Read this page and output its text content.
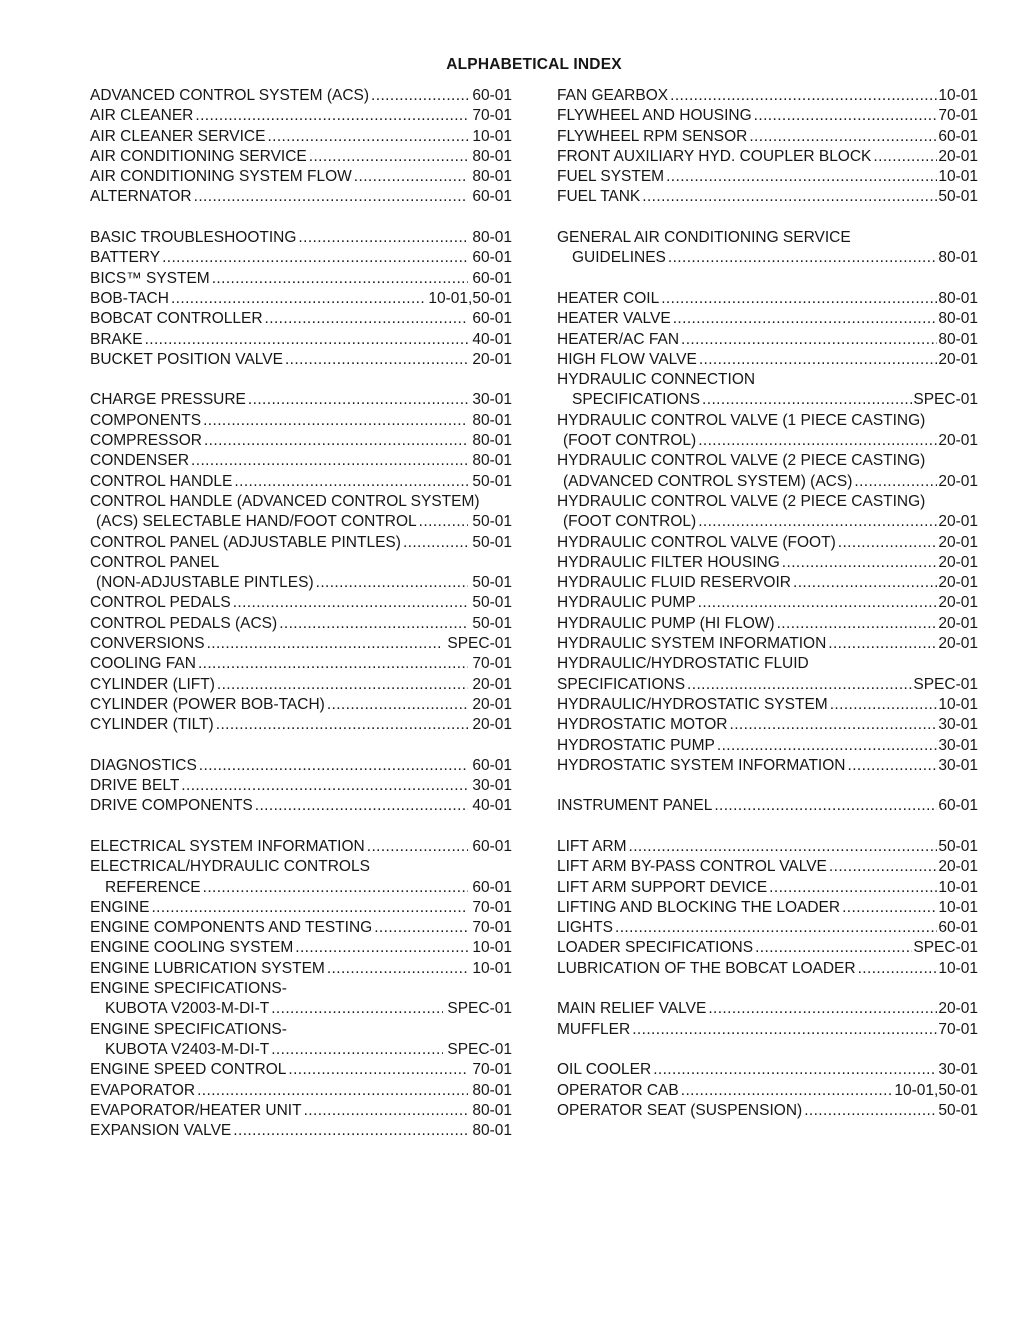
ALPHABETICAL INDEX
ADVANCED CONTROL SYSTEM (ACS) .....	60-01
AIR CLEANER .....	70-01
AIR CLEANER SERVICE .....	10-01
AIR CONDITIONING SERVICE .....	80-01
AIR CONDITIONING SYSTEM FLOW .....	80-01
ALTERNATOR .....	60-01
BASIC TROUBLESHOOTING .....	80-01
BATTERY .....	60-01
BICS™ SYSTEM .....	60-01
BOB-TACH .....	10-01,50-01
BOBCAT CONTROLLER .....	60-01
BRAKE .....	40-01
BUCKET POSITION VALVE .....	20-01
CHARGE PRESSURE .....	30-01
COMPONENTS .....	80-01
COMPRESSOR .....	80-01
CONDENSER .....	80-01
CONTROL HANDLE .....	50-01
CONTROL HANDLE (ADVANCED CONTROL SYSTEM)
(ACS) SELECTABLE HAND/FOOT CONTROL .....	50-01
CONTROL PANEL (ADJUSTABLE PINTLES) .....	50-01
CONTROL PANEL
(NON-ADJUSTABLE PINTLES) .....	50-01
CONTROL PEDALS .....	50-01
CONTROL PEDALS (ACS) .....	50-01
CONVERSIONS .....	SPEC-01
COOLING FAN .....	70-01
CYLINDER (LIFT) .....	20-01
CYLINDER (POWER BOB-TACH) .....	20-01
CYLINDER (TILT) .....	20-01
DIAGNOSTICS .....	60-01
DRIVE BELT .....	30-01
DRIVE COMPONENTS .....	40-01
ELECTRICAL SYSTEM INFORMATION .....	60-01
ELECTRICAL/HYDRAULIC CONTROLS
REFERENCE .....	60-01
ENGINE .....	70-01
ENGINE COMPONENTS AND TESTING .....	70-01
ENGINE COOLING SYSTEM .....	10-01
ENGINE LUBRICATION SYSTEM .....	10-01
ENGINE SPECIFICATIONS-
KUBOTA V2003-M-DI-T .....	SPEC-01
ENGINE SPECIFICATIONS-
KUBOTA V2403-M-DI-T .....	SPEC-01
ENGINE SPEED CONTROL .....	70-01
EVAPORATOR .....	80-01
EVAPORATOR/HEATER UNIT .....	80-01
EXPANSION VALVE .....	80-01
FAN GEARBOX .....	10-01
FLYWHEEL AND HOUSING .....	70-01
FLYWHEEL RPM SENSOR .....	60-01
FRONT AUXILIARY HYD. COUPLER BLOCK .....	20-01
FUEL SYSTEM .....	10-01
FUEL TANK .....	50-01
GENERAL AIR CONDITIONING SERVICE
GUIDELINES .....	80-01
HEATER COIL .....	80-01
HEATER VALVE .....	80-01
HEATER/AC FAN .....	80-01
HIGH FLOW VALVE .....	20-01
HYDRAULIC CONNECTION
SPECIFICATIONS .....	SPEC-01
HYDRAULIC CONTROL VALVE (1 PIECE CASTING)
(FOOT CONTROL) .....	20-01
HYDRAULIC CONTROL VALVE (2 PIECE CASTING)
(ADVANCED CONTROL SYSTEM) (ACS) .....	20-01
HYDRAULIC CONTROL VALVE (2 PIECE CASTING)
(FOOT CONTROL) .....	20-01
HYDRAULIC CONTROL VALVE (FOOT) .....	20-01
HYDRAULIC FILTER HOUSING .....	20-01
HYDRAULIC FLUID RESERVOIR .....	20-01
HYDRAULIC PUMP .....	20-01
HYDRAULIC PUMP (HI FLOW) .....	20-01
HYDRAULIC SYSTEM INFORMATION .....	20-01
HYDRAULIC/HYDROSTATIC FLUID
SPECIFICATIONS .....	SPEC-01
HYDRAULIC/HYDROSTATIC SYSTEM .....	10-01
HYDROSTATIC MOTOR .....	30-01
HYDROSTATIC PUMP .....	30-01
HYDROSTATIC SYSTEM INFORMATION .....	30-01
INSTRUMENT PANEL .....	60-01
LIFT ARM .....	50-01
LIFT ARM BY-PASS CONTROL VALVE .....	20-01
LIFT ARM SUPPORT DEVICE .....	10-01
LIFTING AND BLOCKING THE LOADER .....	10-01
LIGHTS .....	60-01
LOADER SPECIFICATIONS .....	SPEC-01
LUBRICATION OF THE BOBCAT LOADER .....	10-01
MAIN RELIEF VALVE .....	20-01
MUFFLER .....	70-01
OIL COOLER .....	30-01
OPERATOR CAB .....	10-01,50-01
OPERATOR SEAT (SUSPENSION) .....	50-01
